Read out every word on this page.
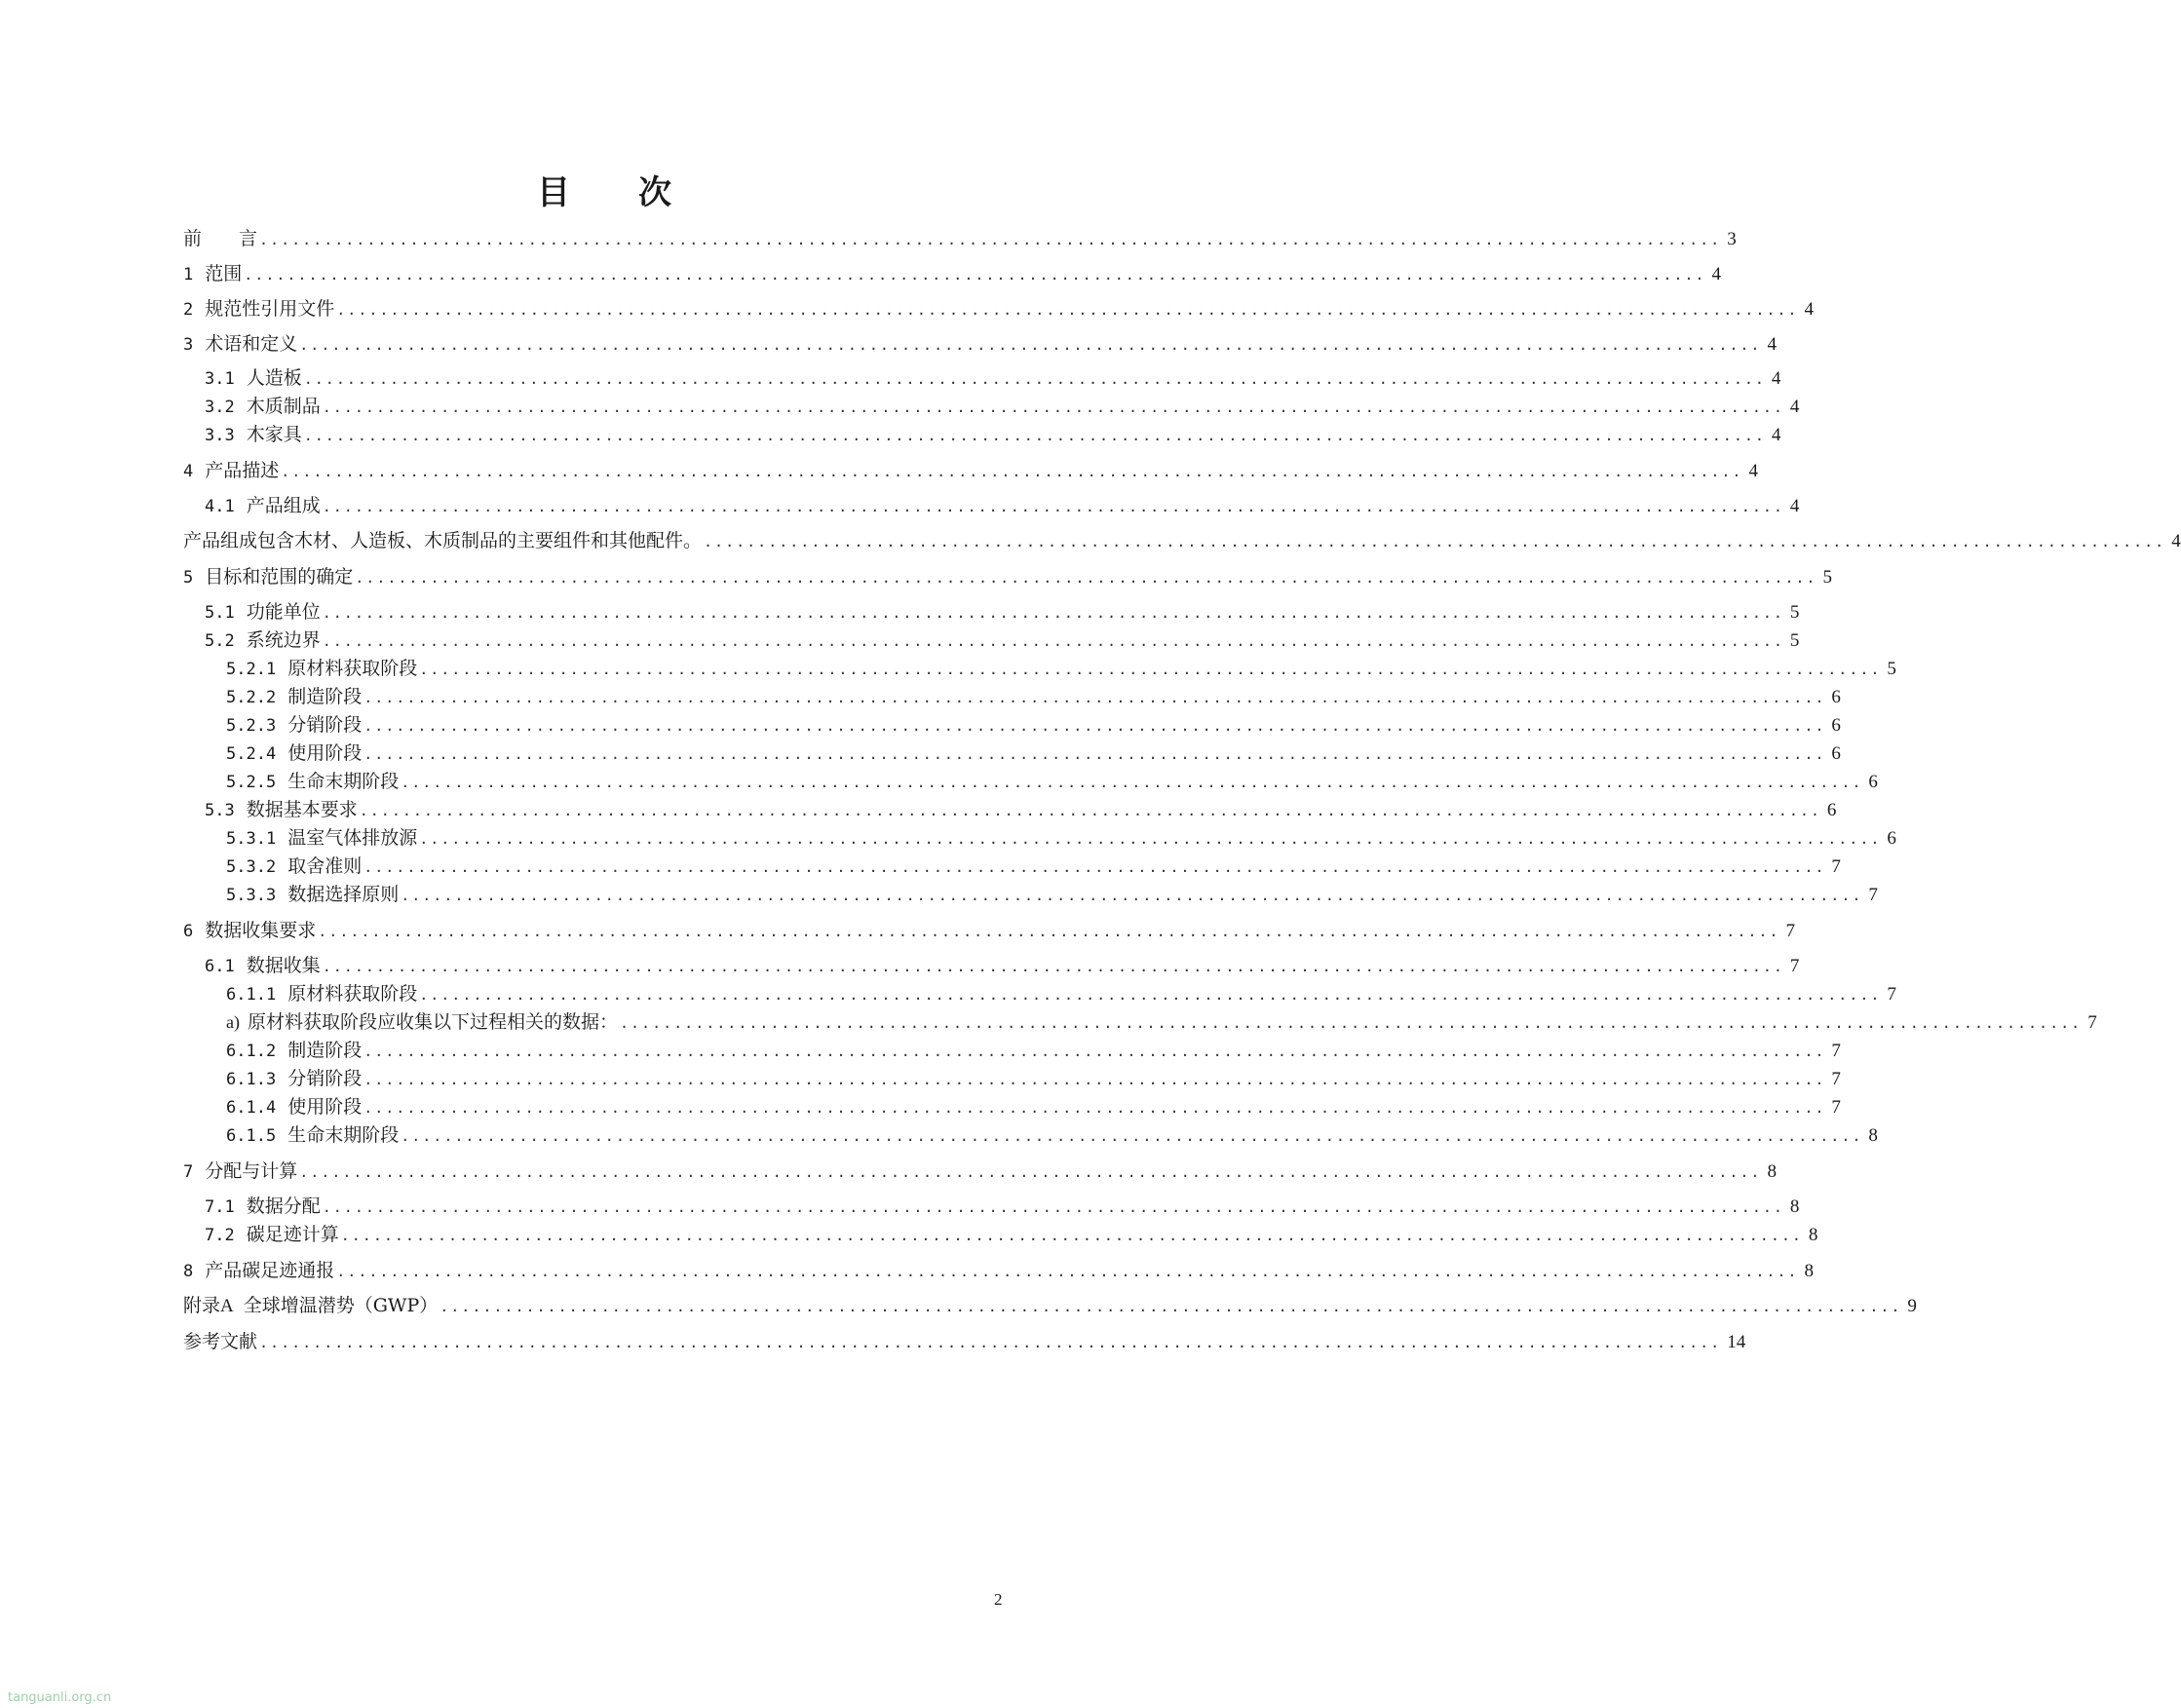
目 次
前　　言 ........................................................................................................................................ 3
1 范围 ........................................................................................................................................ 4
2 规范性引用文件 ........................................................................................................................................ 4
3 术语和定义 ........................................................................................................................................ 4
3.1 人造板 ........................................................................................................................................ 4
3.2 木质制品 ........................................................................................................................................ 4
3.3 木家具 ........................................................................................................................................ 4
4 产品描述 ........................................................................................................................................ 4
4.1 产品组成 ........................................................................................................................................ 4
产品组成包含木材、人造板、木质制品的主要组件和其他配件。 ........................................................................................................................................ 4
5 目标和范围的确定 ........................................................................................................................................ 5
5.1 功能单位 ........................................................................................................................................ 5
5.2 系统边界 ........................................................................................................................................ 5
5.2.1 原材料获取阶段 ........................................................................................................................................ 5
5.2.2 制造阶段 ........................................................................................................................................ 6
5.2.3 分销阶段 ........................................................................................................................................ 6
5.2.4 使用阶段 ........................................................................................................................................ 6
5.2.5 生命末期阶段 ........................................................................................................................................ 6
5.3 数据基本要求 ........................................................................................................................................ 6
5.3.1 温室气体排放源 ........................................................................................................................................ 6
5.3.2 取舍准则 ........................................................................................................................................ 7
5.3.3 数据选择原则 ........................................................................................................................................ 7
6 数据收集要求 ........................................................................................................................................ 7
6.1 数据收集 ........................................................................................................................................ 7
6.1.1 原材料获取阶段 ........................................................................................................................................ 7
a) 原材料获取阶段应收集以下过程相关的数据： ........................................................................................................................................ 7
6.1.2 制造阶段 ........................................................................................................................................ 7
6.1.3 分销阶段 ........................................................................................................................................ 7
6.1.4 使用阶段 ........................................................................................................................................ 7
6.1.5 生命末期阶段 ........................................................................................................................................ 8
7 分配与计算 ........................................................................................................................................ 8
7.1 数据分配 ........................................................................................................................................ 8
7.2 碳足迹计算 ........................................................................................................................................ 8
8 产品碳足迹通报 ........................................................................................................................................ 8
附录A 全球增温潜势（GWP） ........................................................................................................................................ 9
参考文献 ........................................................................................................................................ 14
2
tanguanli.org.cn
